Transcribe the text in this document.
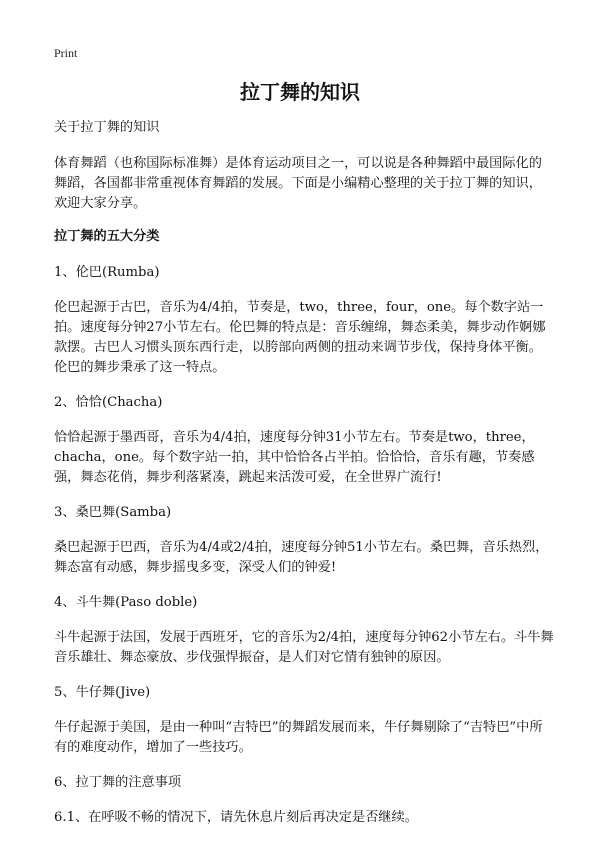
Print
拉丁舞的知识

关于拉丁舞的知识

体育舞蹈（也称国际标准舞）是体育运动项目之一，可以说是各种舞蹈中最国际化的舞蹈，各国都非常重视体育舞蹈的发展。下面是小编精心整理的关于拉丁舞的知识，欢迎大家分享。

拉丁舞的五大分类

1、伦巴(Rumba)

伦巴起源于古巴，音乐为4/4拍，节奏是，two，three，four，one。每个数字站一拍。速度每分钟27小节左右。伦巴舞的特点是：音乐缠绵，舞态柔美，舞步动作婀娜款摆。古巴人习惯头顶东西行走，以胯部向两侧的扭动来调节步伐，保持身体平衡。伦巴的舞步秉承了这一特点。

2、恰恰(Chacha)

恰恰起源于墨西哥，音乐为4/4拍，速度每分钟31小节左右。节奏是two，three，chacha，one。每个数字站一拍，其中恰恰各占半拍。恰恰恰，音乐有趣，节奏感强，舞态花俏，舞步利落紧凑，跳起来活泼可爱，在全世界广流行!

3、桑巴舞(Samba)

桑巴起源于巴西，音乐为4/4或2/4拍，速度每分钟51小节左右。桑巴舞，音乐热烈，舞态富有动感，舞步摇曳多变，深受人们的钟爱!

4、斗牛舞(Paso doble)

斗牛起源于法国，发展于西班牙，它的音乐为2/4拍，速度每分钟62小节左右。斗牛舞音乐雄壮、舞态豪放、步伐强悍振奋，是人们对它情有独钟的原因。

5、牛仔舞(Jive)

牛仔起源于美国，是由一种叫“吉特巴”的舞蹈发展而来，牛仔舞剔除了“吉特巴”中所有的难度动作，增加了一些技巧。

6、拉丁舞的注意事项

6.1、在呼吸不畅的情况下，请先休息片刻后再决定是否继续。
